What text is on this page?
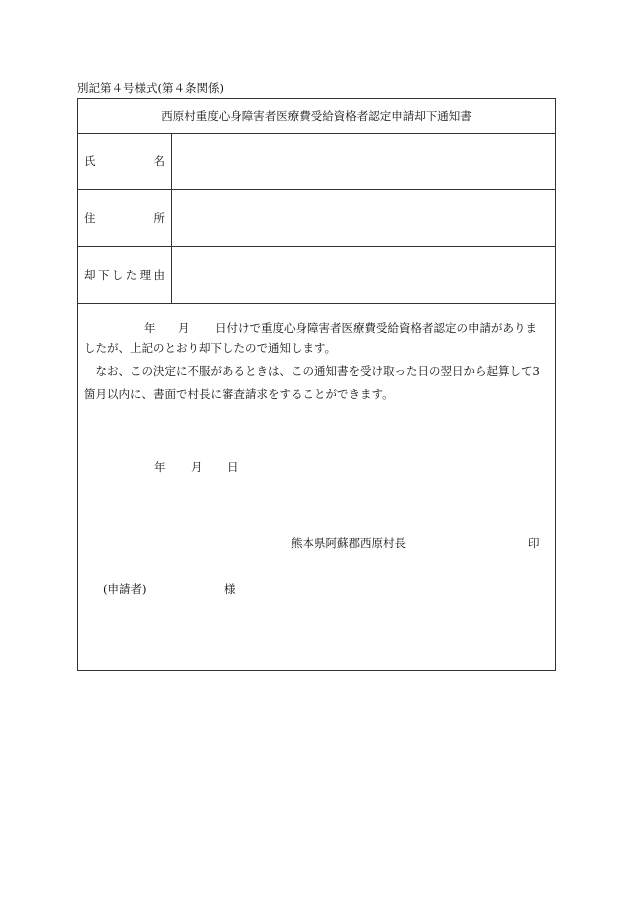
別記第４号様式(第４条関係)
西原村重度心身障害者医療費受給資格者認定申請却下通知書
氏　名
住　所
却下した理由
年 月 日付けで重度心身障害者医療費受給資格者認定の申請がありま
したが、上記のとおり却下したので通知します。
　なお、この決定に不服があるときは、この通知書を受け取った日の翌日から起算して3
箇月以内に、書面で村長に審査請求をすることができます。
年 月 日
熊本県阿蘇郡西原村長	印
(申請者)	様
